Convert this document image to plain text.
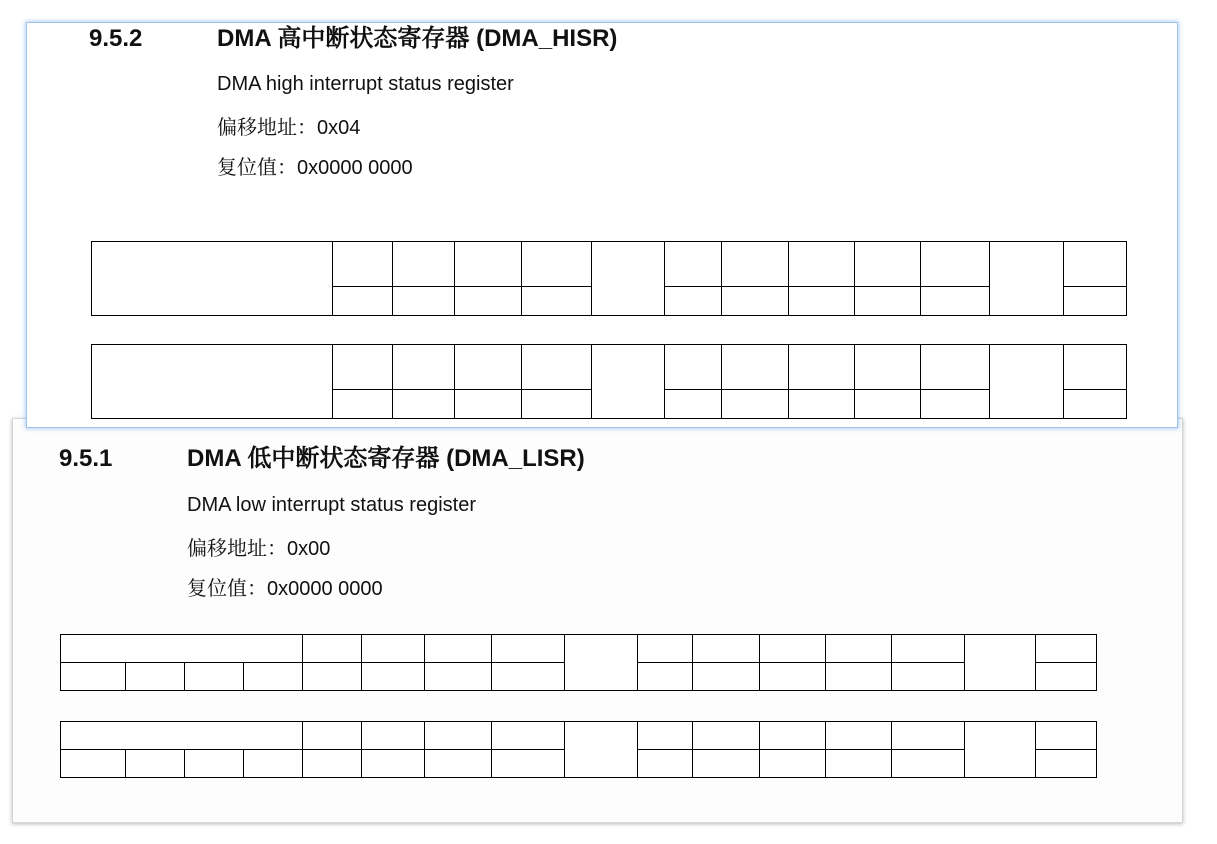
9.5.2	DMA 高中断状态寄存器 (DMA_HISR)
DMA high interrupt status register
偏移地址：0x04
复位值：0x0000 0000
9.5.1	DMA 低中断状态寄存器 (DMA_LISR)
DMA low interrupt status register
偏移地址：0x00
复位值：0x0000 0000
